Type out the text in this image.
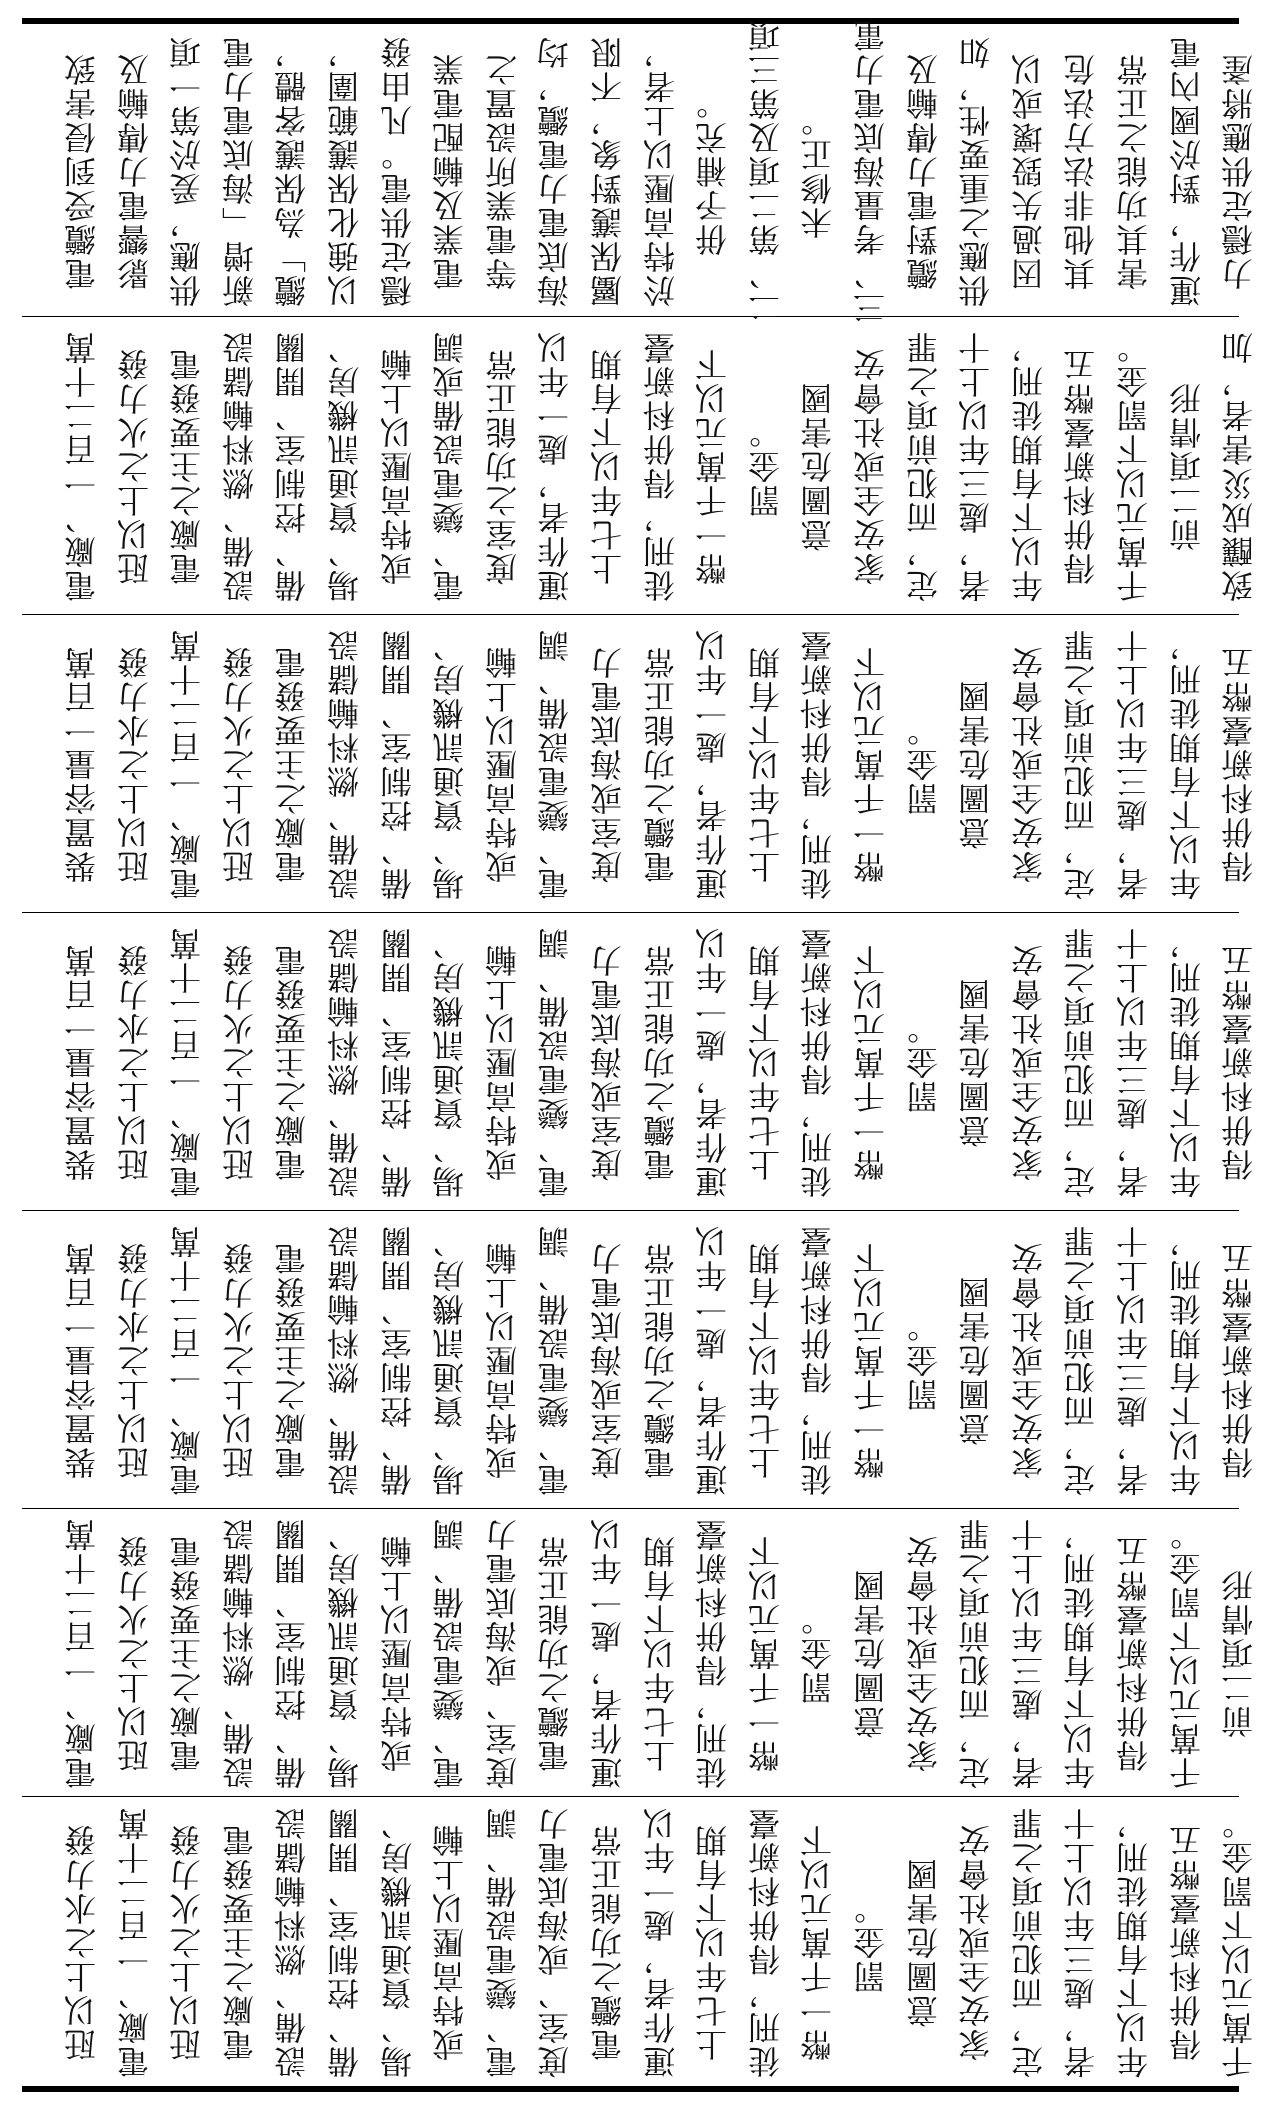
電纜受到侵害致 影響電力傳輸及 供應，爰於第一項 新增「海底電力電 纜」為保護客體， 以強化保護範圍， 穩定供電。凡由發 電業及輸配電業 等電業所設置之 海底電力電纜，均 屬保護對象，不限 於特高壓以上者， 併予補充。 二、第二項及第三項 未修正。 三、考量海底電力電 纜對電力傳輸及 供應之重要性，如 因過失毀壞或以 其他非法方法危 害其功能之正常 運作，對於國內電 力穩定供應將產
電廠、一百二十萬 瓩以上之火力發 電廠之主要發電 設備、燃料輸儲設 備、控制室、開關 場、資通訊機房、 或特高壓以上輸 電、變電設備或調 度室之功能正常 運作者，處一年以 上七年以下有期 徒刑，得併科新臺 幣一千萬元以下 罰金。 意圖危害國 家安全或社會安 定，而犯前項之罪 者，處三年以上十 年以下有期徒刑， 得併科新臺幣五 千萬元以下罰金。 前二項情形 致釀成災害者，加
裝置容量一百萬 瓩以上之水力發 電廠、一百二十萬 瓩以上之火力發 電廠之主要發電 設備、燃料輸儲設 備、控制室、開關 場、資通訊機房、 或特高壓以上輸 電、變電設備、調 度室或海底電力 電纜之功能正常 運作者，處一年以 上七年以下有期 徒刑，得併科新臺 幣一千萬元以下 罰金。 意圖危害國 家安全或社會安 定，而犯前項之罪 者，處三年以上十 年以下有期徒刑， 得併科新臺幣五
裝置容量一百萬 瓩以上之水力發 電廠、一百二十萬 瓩以上之火力發 電廠之主要發電 設備、燃料輸儲設 備、控制室、開關 場、資通訊機房、 或特高壓以上輸 電、變電設備、調 度室或海底電力 電纜之功能正常 運作者，處一年以 上七年以下有期 徒刑，得併科新臺 幣一千萬元以下 罰金。 意圖危害國 家安全或社會安 定，而犯前項之罪 者，處三年以上十 年以下有期徒刑， 得併科新臺幣五
裝置容量一百萬 瓩以上之水力發 電廠、一百二十萬 瓩以上之火力發 電廠之主要發電 設備、燃料輸儲設 備、控制室、開關 場、資通訊機房、 或特高壓以上輸 電、變電設備、調 度室或海底電力 電纜之功能正常 運作者，處一年以 上七年以下有期 徒刑，得併科新臺 幣一千萬元以下 罰金。 意圖危害國 家安全或社會安 定，而犯前項之罪 者，處三年以上十 年以下有期徒刑， 得併科新臺幣五
電廠、一百二十萬 瓩以上之火力發 電廠之主要發電 設備、燃料輸儲設 備、控制室、開關 場、資通訊機房、 或特高壓以上輸 電、變電設備、調 度室、或海底電力 電纜之功能正常 運作者，處一年以 上七年以下有期 徒刑，得併科新臺 幣一千萬元以下 罰金。 意圖危害國 家安全或社會安 定，而犯前項之罪 者，處三年以上十 年以下有期徒刑， 得併科新臺幣五 千萬元以下罰金。 前二項情形
瓩以上之水力發 電廠、一百二十萬 瓩以上之火力發 電廠之主要發電 設備、燃料輸儲設 備、控制室、開關 場、資通訊機房、 或特高壓以上輸 電、變電設備、調 度室、或海底電力 電纜之功能正常 運作者，處一年以 上七年以下有期 徒刑，得併科新臺 幣一千萬元以下 罰金。 意圖危害國 家安全或社會安 定，而犯前項之罪 者，處三年以上十 年以下有期徒刑， 得併科新臺幣五 千萬元以下罰金。
